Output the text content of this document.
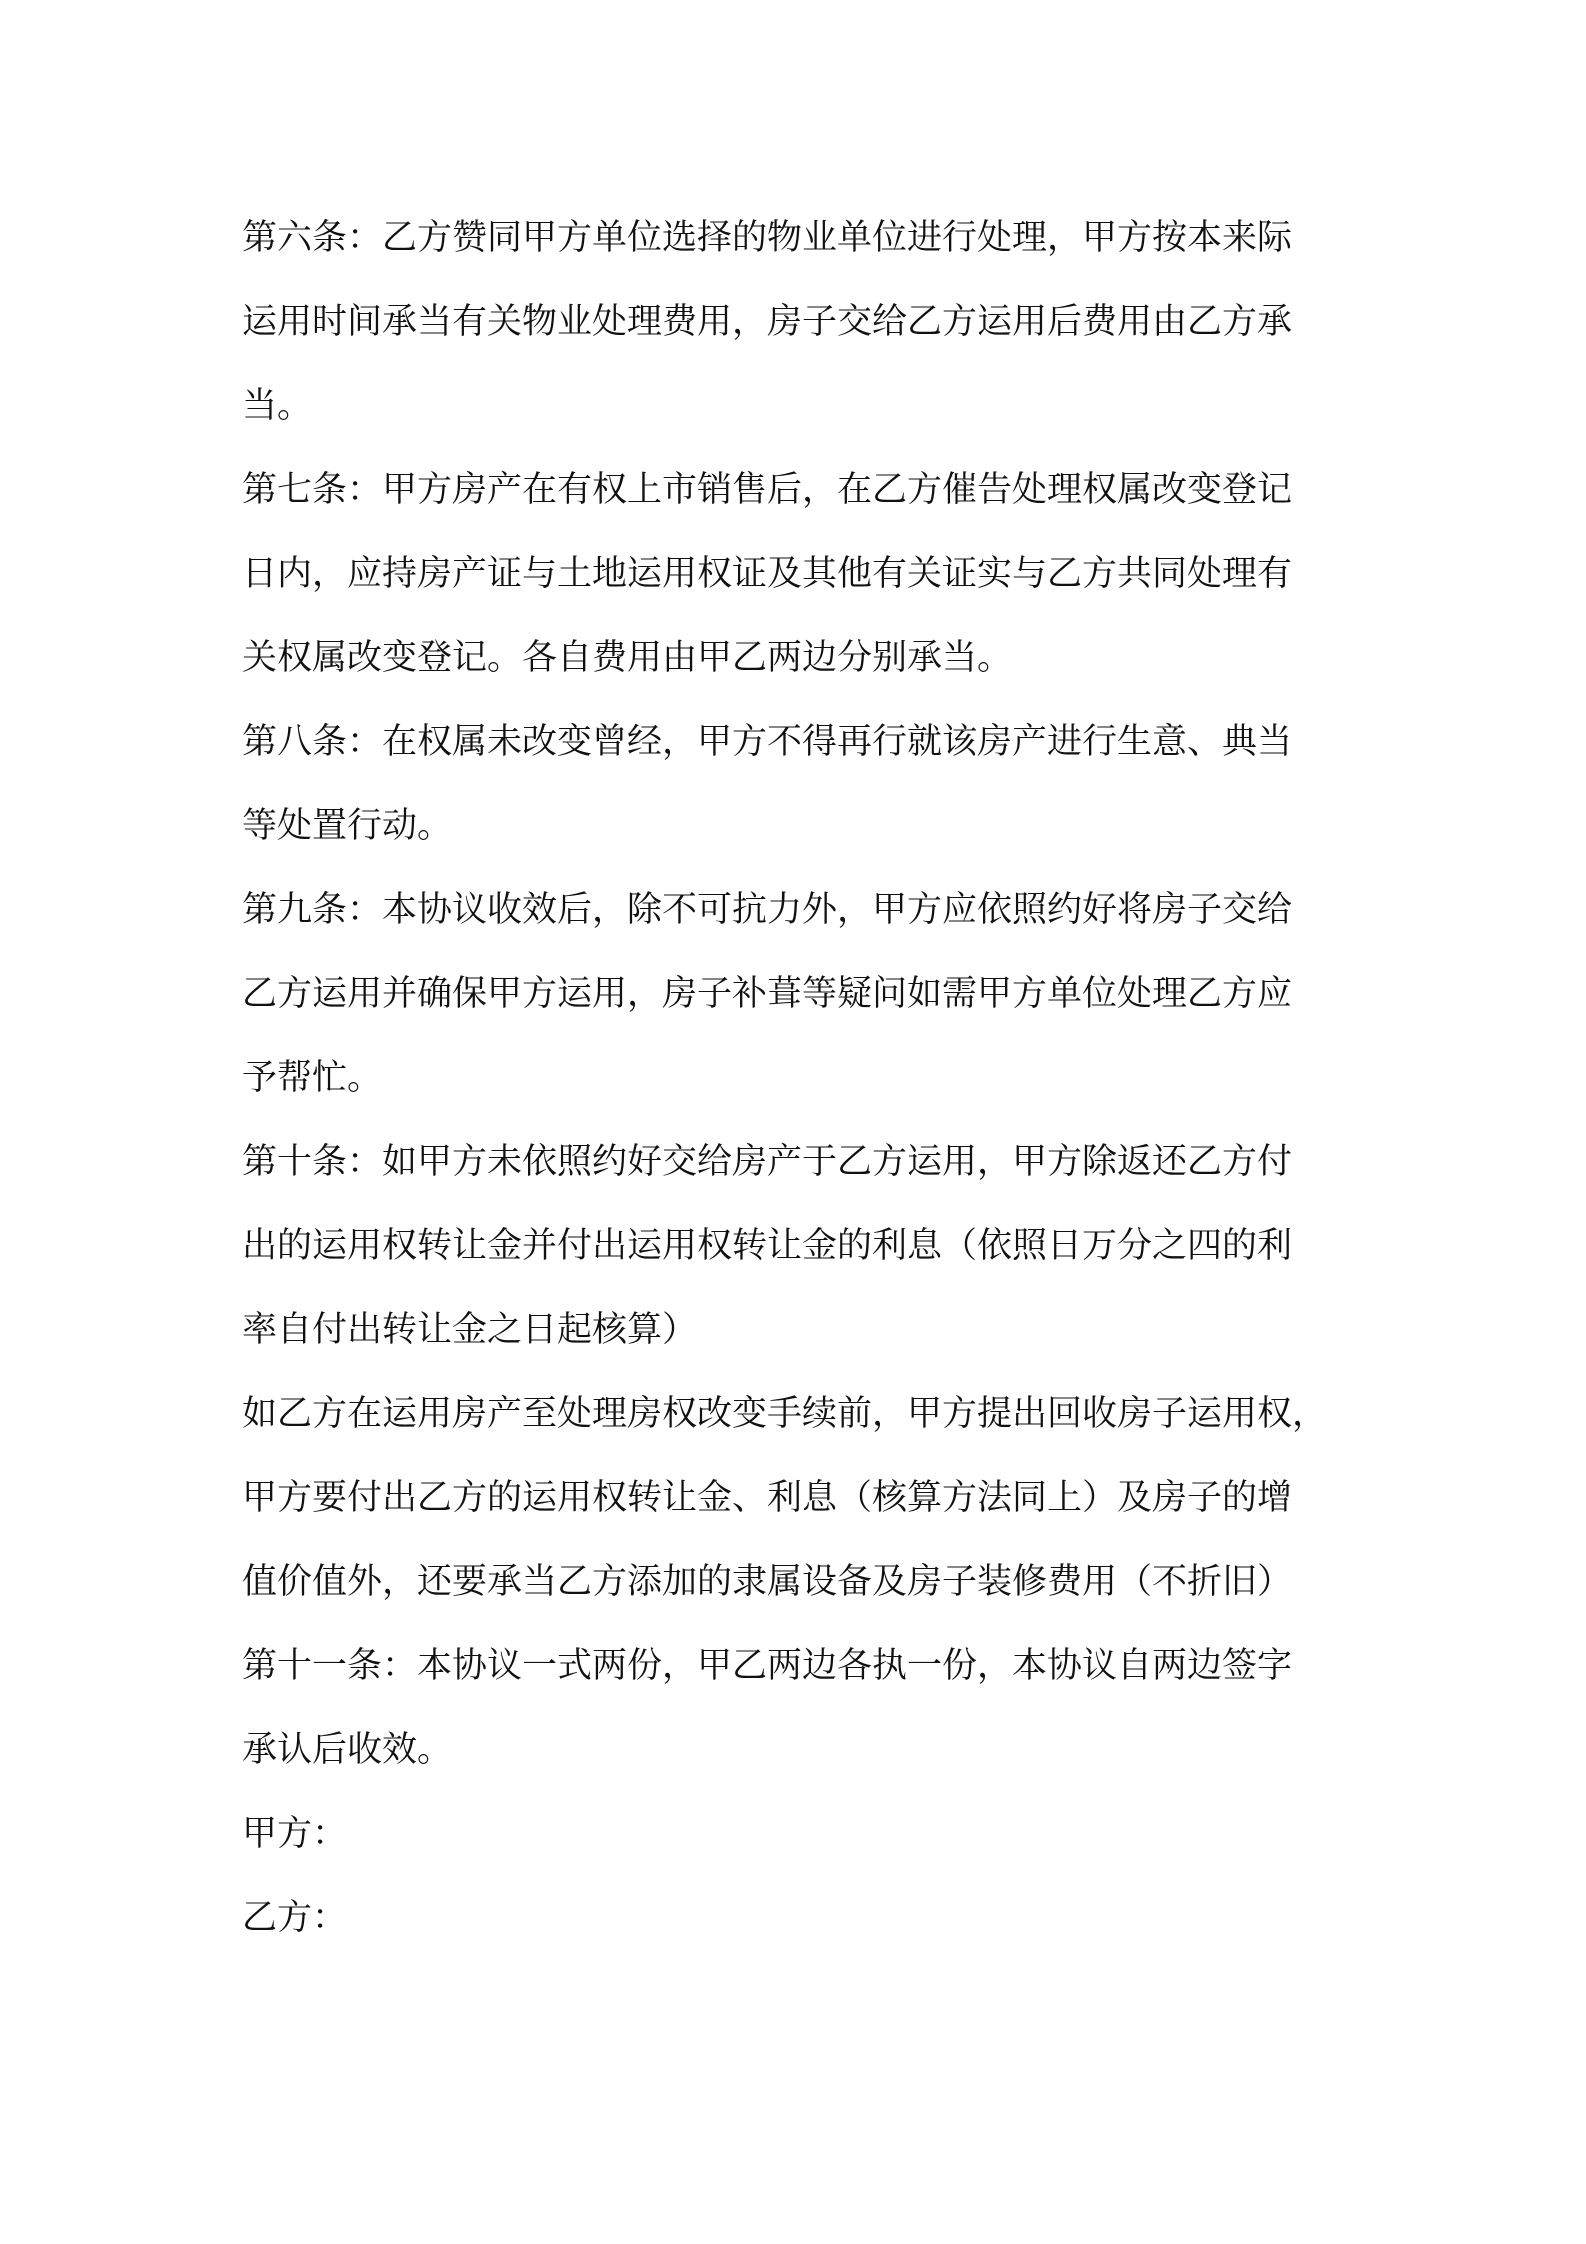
第六条：乙方赞同甲方单位选择的物业单位进行处理，甲方按本来际
运用时间承当有关物业处理费用，房子交给乙方运用后费用由乙方承
当。
第七条：甲方房产在有权上市销售后，在乙方催告处理权属改变登记
日内，应持房产证与土地运用权证及其他有关证实与乙方共同处理有
关权属改变登记。各自费用由甲乙两边分别承当。
第八条：在权属未改变曾经，甲方不得再行就该房产进行生意、典当
等处置行动。
第九条：本协议收效后，除不可抗力外，甲方应依照约好将房子交给
乙方运用并确保甲方运用，房子补葺等疑问如需甲方单位处理乙方应
予帮忙。
第十条：如甲方未依照约好交给房产于乙方运用，甲方除返还乙方付
出的运用权转让金并付出运用权转让金的利息（依照日万分之四的利
率自付出转让金之日起核算）
如乙方在运用房产至处理房权改变手续前，甲方提出回收房子运用权，
甲方要付出乙方的运用权转让金、利息（核算方法同上）及房子的增
值价值外，还要承当乙方添加的隶属设备及房子装修费用（不折旧）
第十一条：本协议一式两份，甲乙两边各执一份，本协议自两边签字
承认后收效。
甲方：
乙方：
